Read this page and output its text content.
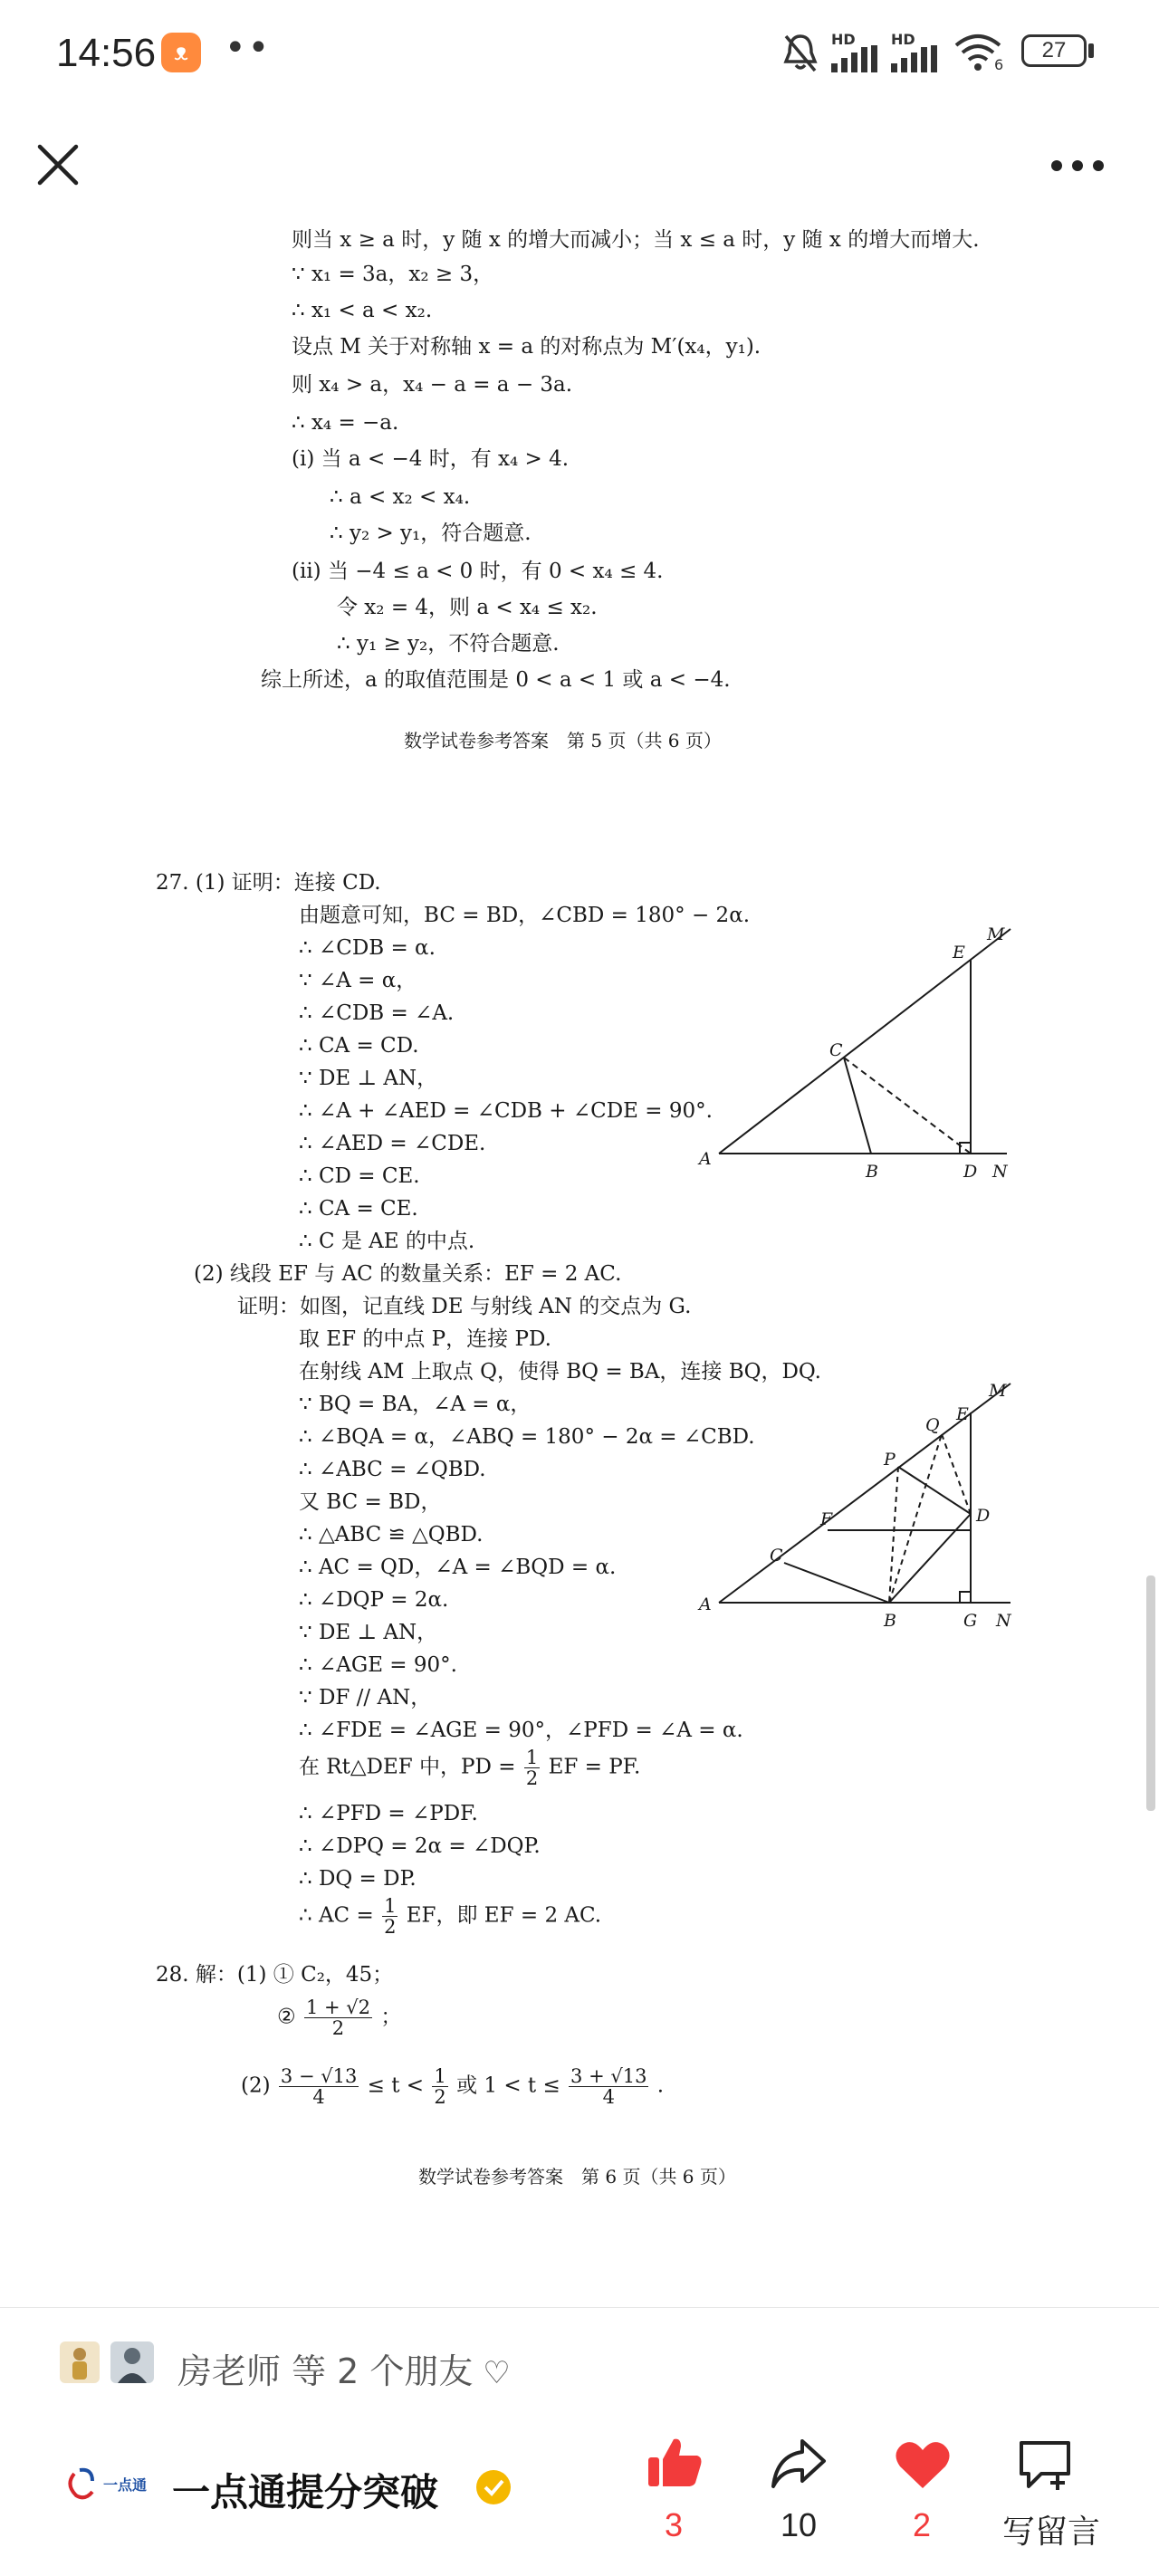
14:56 ᴥ	••	HD HD
6
27
则当 x ≥ a 时，y 随 x 的增大而减小；当 x ≤ a 时，y 随 x 的增大而增大.
∵ x₁ = 3a，x₂ ≥ 3，
∴ x₁ < a < x₂.
设点 M 关于对称轴 x = a 的对称点为 M′(x₄，y₁).
则 x₄ > a，x₄ − a = a − 3a.
∴ x₄ = −a.
(i) 当 a < −4 时，有 x₄ > 4.
∴ a < x₂ < x₄.
∴ y₂ > y₁，符合题意.
(ii) 当 −4 ≤ a < 0 时，有 0 < x₄ ≤ 4.
令 x₂ = 4，则 a < x₄ ≤ x₂.
∴ y₁ ≥ y₂，不符合题意.
综上所述，a 的取值范围是 0 < a < 1 或 a < −4.
数学试卷参考答案　第 5 页（共 6 页）
27. (1) 证明：连接 CD.
由题意可知，BC = BD，∠CBD = 180° − 2α.
∴ ∠CDB = α.
∵ ∠A = α，
∴ ∠CDB = ∠A.
∴ CA = CD.
∵ DE ⊥ AN，
∴ ∠A + ∠AED = ∠CDB + ∠CDE = 90°.
∴ ∠AED = ∠CDE.
∴ CD = CE.
∴ CA = CE.
∴ C 是 AE 的中点.
(2) 线段 EF 与 AC 的数量关系：EF = 2 AC.
证明：如图，记直线 DE 与射线 AN 的交点为 G.
取 EF 的中点 P，连接 PD.
在射线 AM 上取点 Q，使得 BQ = BA，连接 BQ，DQ.
∵ BQ = BA，∠A = α，
∴ ∠BQA = α，∠ABQ = 180° − 2α = ∠CBD.
∴ ∠ABC = ∠QBD.
又 BC = BD，
∴ △ABC ≌ △QBD.
∴ AC = QD，∠A = ∠BQD = α.
∴ ∠DQP = 2α.
∵ DE ⊥ AN，
∴ ∠AGE = 90°.
∵ DF // AN，
∴ ∠FDE = ∠AGE = 90°，∠PFD = ∠A = α.
在 Rt△DEF 中，PD = $\frac{1}{2}$ EF = PF.
∴ ∠PFD = ∠PDF.
∴ ∠DPQ = 2α = ∠DQP.
∴ DQ = DP.
∴ AC = $\frac{1}{2}$ EF，即 EF = 2 AC.
28. 解：(1) ① C₂，45；
② $\frac{1 + √2}{2}$ ；
$(2) \frac{3 - √13}{4} \le t < \frac{1}{2}$ 或 $1 < t \le \frac{3 + √13}{4}$ .
数学试卷参考答案　第 6 页（共 6 页）
M
E
C
A
B	D N
M
E
Q
P
F	D
C
A
B	G N
房老师 等 2 个朋友 ♡
一点通 一点通提分突破
3	10	2	写留言
